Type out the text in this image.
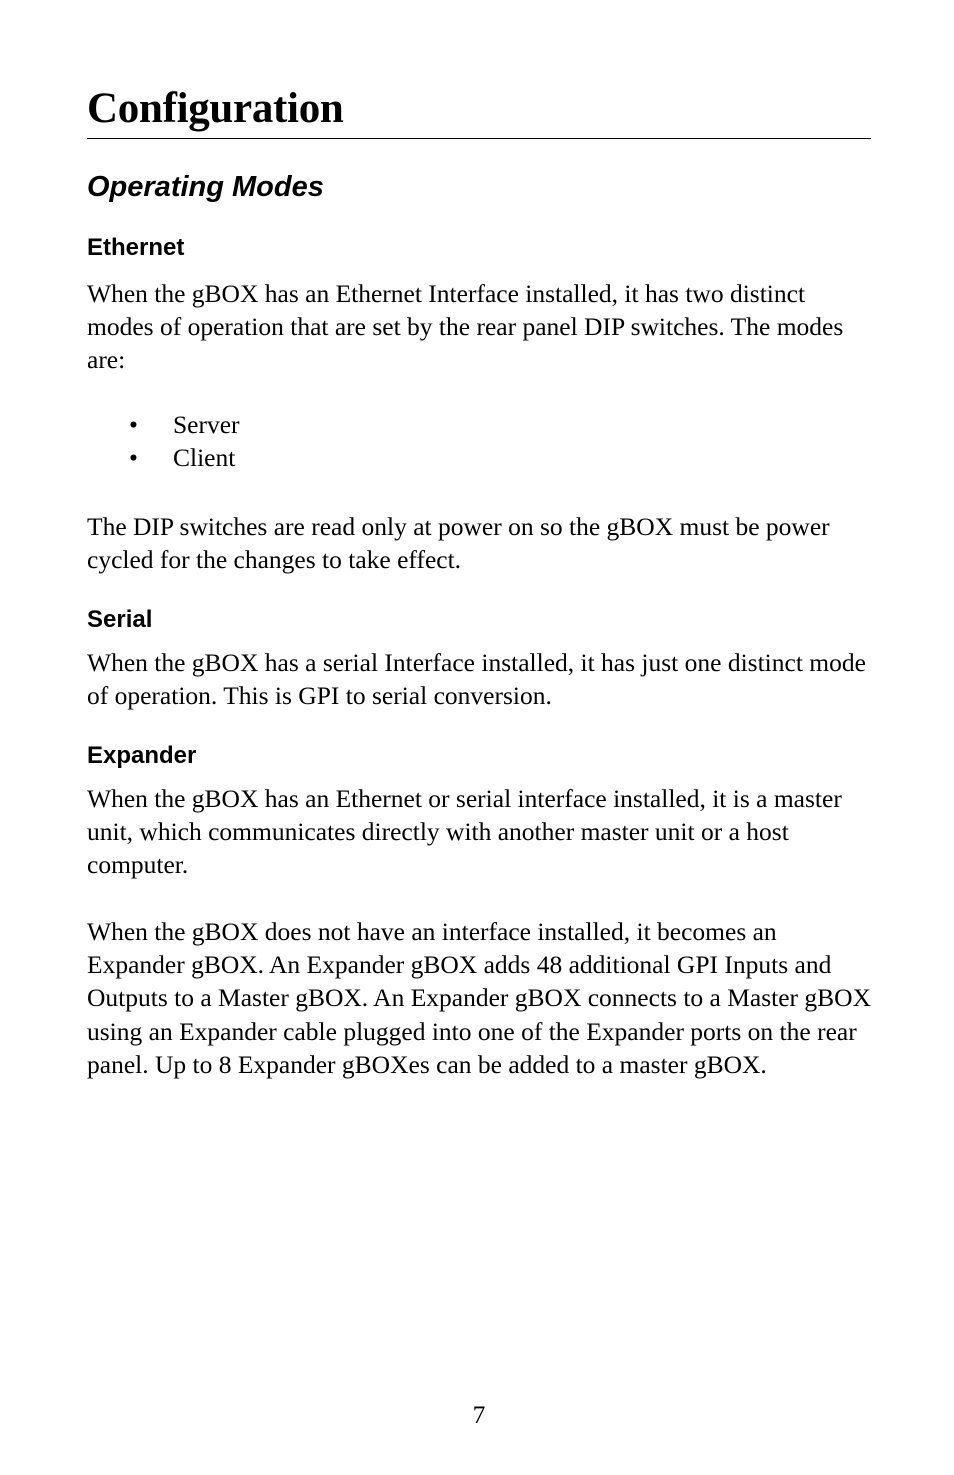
Configuration
Operating Modes
Ethernet

When the gBOX has an Ethernet Interface installed, it has two distinct modes of operation that are set by the rear panel DIP switches. The modes are:

• Server
• Client

The DIP switches are read only at power on so the gBOX must be power cycled for the changes to take effect.

Serial

When the gBOX has a serial Interface installed, it has just one distinct mode of operation. This is GPI to serial conversion.

Expander

When the gBOX has an Ethernet or serial interface installed, it is a master unit, which communicates directly with another master unit or a host computer.

When the gBOX does not have an interface installed, it becomes an Expander gBOX. An Expander gBOX adds 48 additional GPI Inputs and Outputs to a Master gBOX. An Expander gBOX connects to a Master gBOX using an Expander cable plugged into one of the Expander ports on the rear panel. Up to 8 Expander gBOXes can be added to a master gBOX.

7
